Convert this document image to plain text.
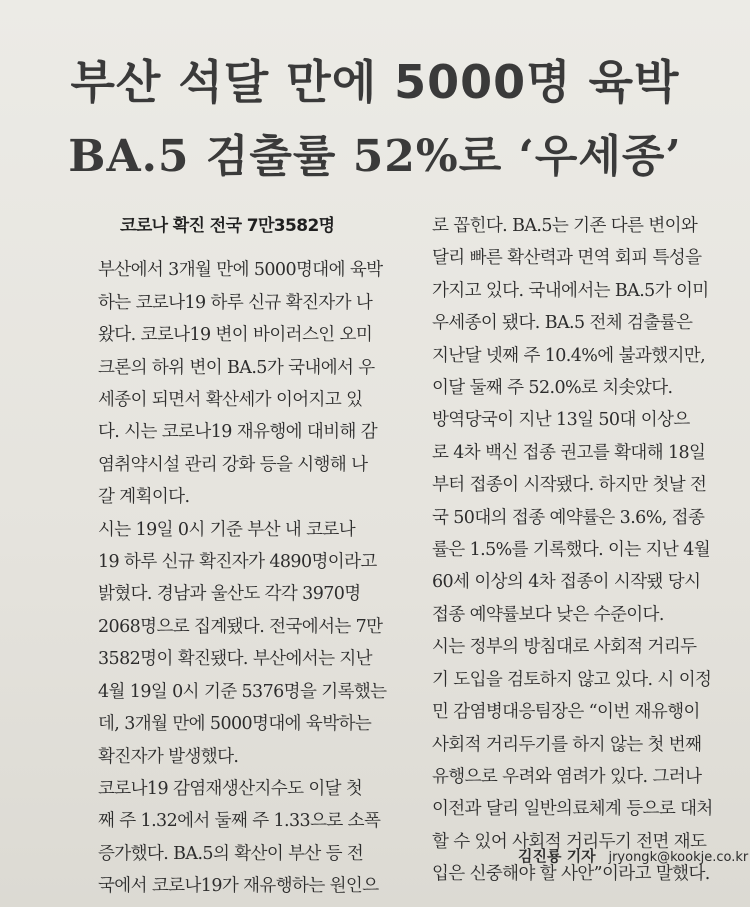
부산 석달 만에 5000명 육박
BA.5 검출률 52%로 ‘우세종’
코로나 확진 전국 7만3582명
부산에서 3개월 만에 5000명대에 육박
하는 코로나19 하루 신규 확진자가 나
왔다. 코로나19 변이 바이러스인 오미
크론의 하위 변이 BA.5가 국내에서 우
세종이 되면서 확산세가 이어지고 있
다. 시는 코로나19 재유행에 대비해 감
염취약시설 관리 강화 등을 시행해 나
갈 계획이다.
시는 19일 0시 기준 부산 내 코로나
19 하루 신규 확진자가 4890명이라고
밝혔다. 경남과 울산도 각각 3970명
2068명으로 집계됐다. 전국에서는 7만
3582명이 확진됐다. 부산에서는 지난
4월 19일 0시 기준 5376명을 기록했는
데, 3개월 만에 5000명대에 육박하는
확진자가 발생했다.
코로나19 감염재생산지수도 이달 첫
째 주 1.32에서 둘째 주 1.33으로 소폭
증가했다. BA.5의 확산이 부산 등 전
국에서 코로나19가 재유행하는 원인으
로 꼽힌다. BA.5는 기존 다른 변이와
달리 빠른 확산력과 면역 회피 특성을
가지고 있다. 국내에서는 BA.5가 이미
우세종이 됐다. BA.5 전체 검출률은
지난달 넷째 주 10.4%에 불과했지만,
이달 둘째 주 52.0%로 치솟았다.
방역당국이 지난 13일 50대 이상으
로 4차 백신 접종 권고를 확대해 18일
부터 접종이 시작됐다. 하지만 첫날 전
국 50대의 접종 예약률은 3.6%, 접종
률은 1.5%를 기록했다. 이는 지난 4월
60세 이상의 4차 접종이 시작됐 당시
접종 예약률보다 낮은 수준이다.
시는 정부의 방침대로 사회적 거리두
기 도입을 검토하지 않고 있다. 시 이정
민 감염병대응팀장은 “이번 재유행이
사회적 거리두기를 하지 않는 첫 번째
유행으로 우려와 염려가 있다. 그러나
이전과 달리 일반의료체계 등으로 대처
할 수 있어 사회적 거리두기 전면 재도
입은 신중해야 할 사안”이라고 말했다.
김진룡 기자 jryongk@kookje.co.kr
